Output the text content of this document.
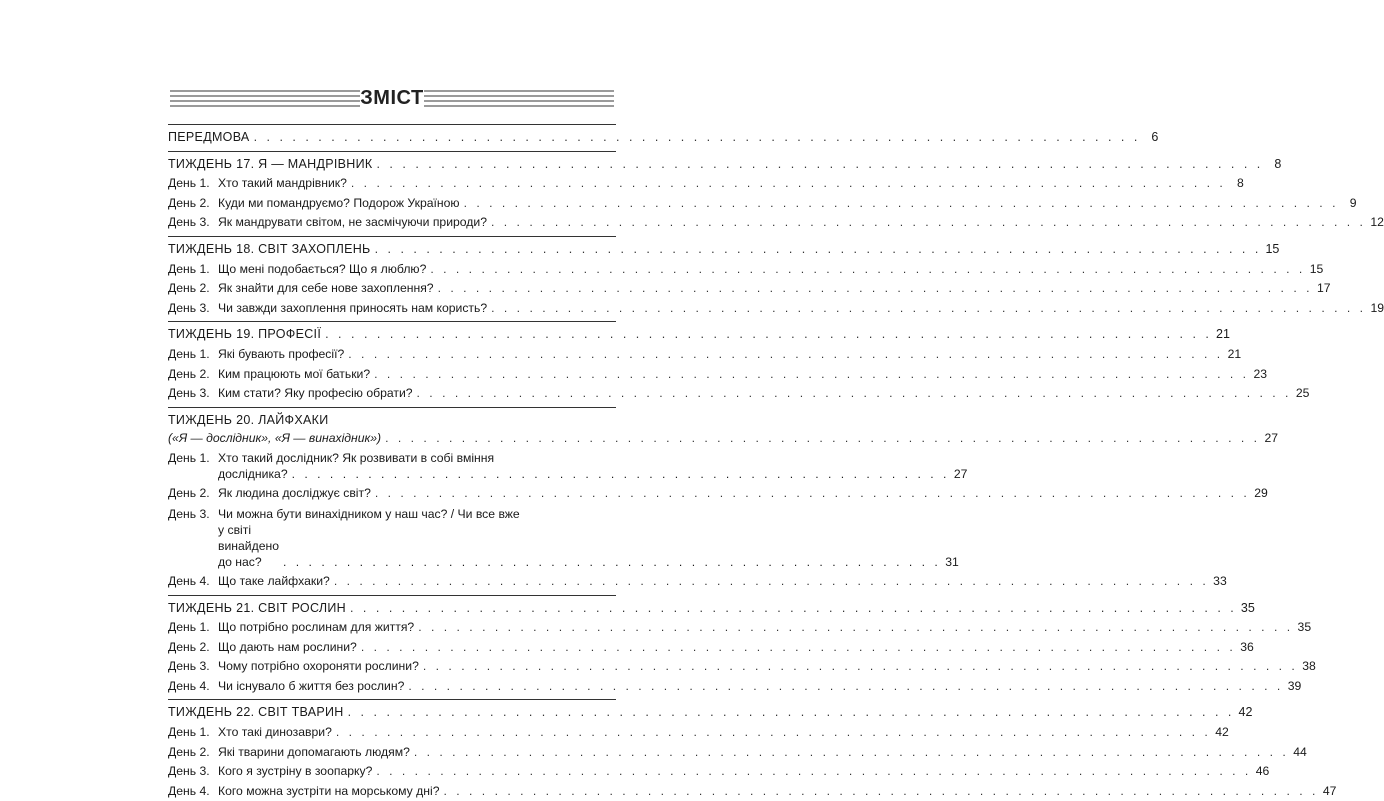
ЗМІСТ
ПЕРЕДМОВА . . .	6
ТИЖДЕНЬ 17. Я — МАНДРІВНИК . . .	8
День 1. Хто такий мандрівник? . . .	8
День 2. Куди ми помандруємо? Подорож Україною . . .	9
День 3. Як мандрувати світом, не засмічуючи природи? . . .	12
ТИЖДЕНЬ 18. СВІТ ЗАХОПЛЕНЬ . . .	15
День 1. Що мені подобається? Що я люблю? . . .	15
День 2. Як знайти для себе нове захоплення? . . .	17
День 3. Чи завжди захоплення приносять нам користь? . . .	19
ТИЖДЕНЬ 19. ПРОФЕСІЇ . . .	21
День 1. Які бувають професії? . . .	21
День 2. Ким працюють мої батьки? . . .	23
День 3. Ким стати? Яку професію обрати? . . .	25
ТИЖДЕНЬ 20. ЛАЙФХАКИ
(«Я — дослідник», «Я — винахідник») . . .	27
День 1. Хто такий дослідник? Як розвивати в собі вміння
дослідника? . . .	27
День 2. Як людина досліджує світ? . . .	29
День 3. Чи можна бути винахідником у наш час? / Чи все вже
у світі винайдено до нас? . . .	31
День 4. Що таке лайфхаки? . . .	33
ТИЖДЕНЬ 21. СВІТ РОСЛИН . . .	35
День 1. Що потрібно рослинам для життя? . . .	35
День 2. Що дають нам рослини? . . .	36
День 3. Чому потрібно охороняти рослини? . . .	38
День 4. Чи існувало б життя без рослин? . . .	39
ТИЖДЕНЬ 22. СВІТ ТВАРИН . . .	42
День 1. Хто такі динозаври? . . .	42
День 2. Які тварини допомагають людям? . . .	44
День 3. Кого я зустріну в зоопарку? . . .	46
День 4. Кого можна зустріти на морському дні? . . .	47
